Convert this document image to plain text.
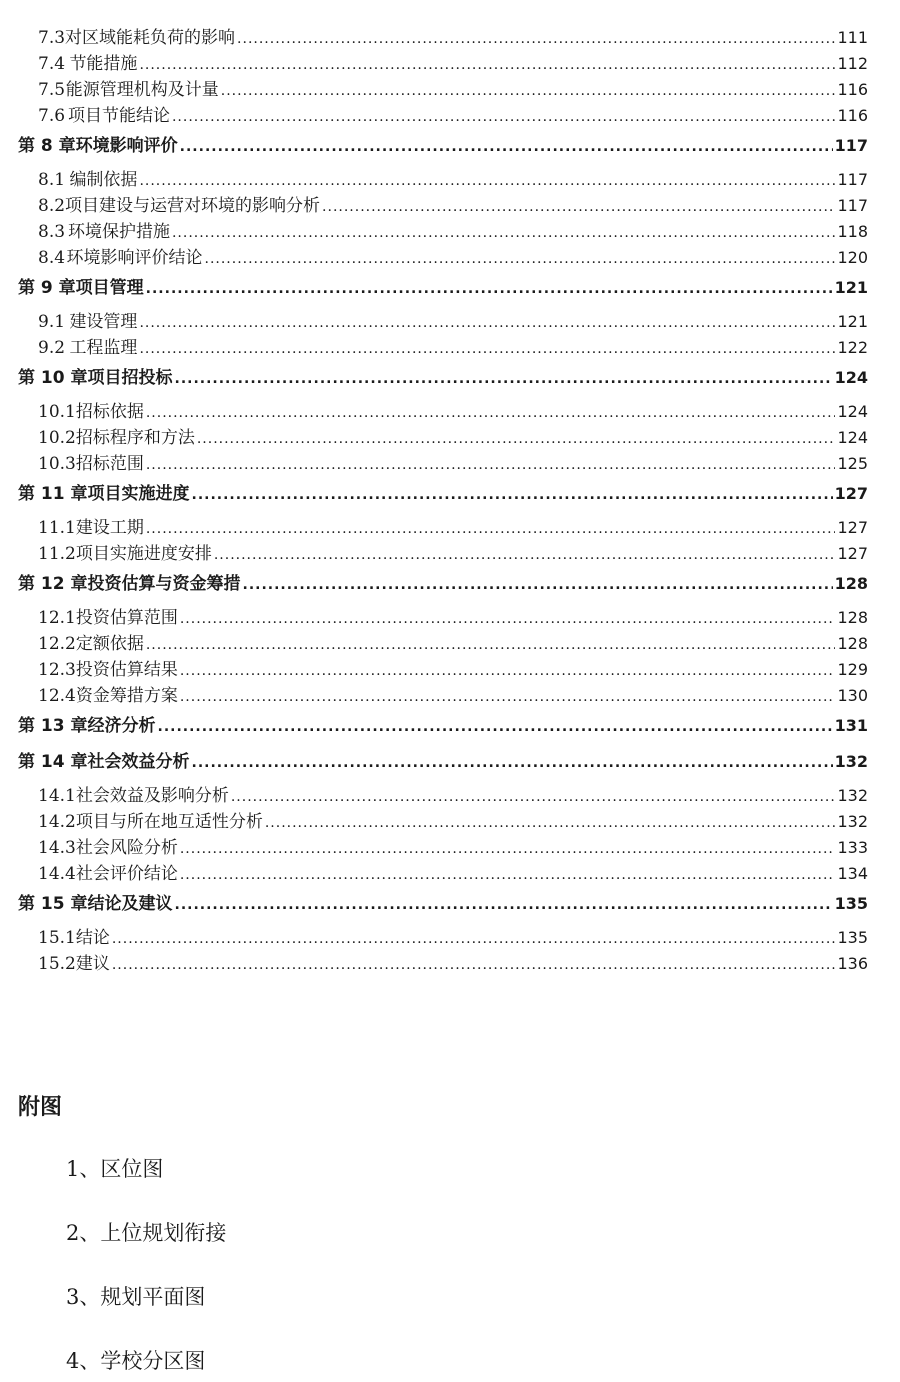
7.3 对区域能耗负荷的影响 .....	111
7.4 节能措施 .....	112
7.5 能源管理机构及计量 .....	116
7.6 项目节能结论 .....	116
第 8 章 环境影响评价 .....	117
8.1 编制依据 .....	117
8.2 项目建设与运营对环境的影响分析 .....	117
8.3 环境保护措施 .....	118
8.4 环境影响评价结论 .....	120
第 9 章 项目管理 .....	121
9.1 建设管理 .....	121
9.2 工程监理 .....	122
第 10 章 项目招投标 .....	124
10.1 招标依据 .....	124
10.2 招标程序和方法 .....	124
10.3 招标范围 .....	125
第 11 章 项目实施进度 .....	127
11.1 建设工期 .....	127
11.2 项目实施进度安排 .....	127
第 12 章 投资估算与资金筹措 .....	128
12.1 投资估算范围 .....	128
12.2 定额依据 .....	128
12.3 投资估算结果 .....	129
12.4 资金筹措方案 .....	130
第 13 章 经济分析 .....	131
第 14 章 社会效益分析 .....	132
14.1 社会效益及影响分析 .....	132
14.2 项目与所在地互适性分析 .....	132
14.3 社会风险分析 .....	133
14.4 社会评价结论 .....	134
第 15 章 结论及建议 .....	135
15.1 结论 .....	135
15.2 建议 .....	136
附图
1、区位图
2、上位规划衔接
3、规划平面图
4、学校分区图
